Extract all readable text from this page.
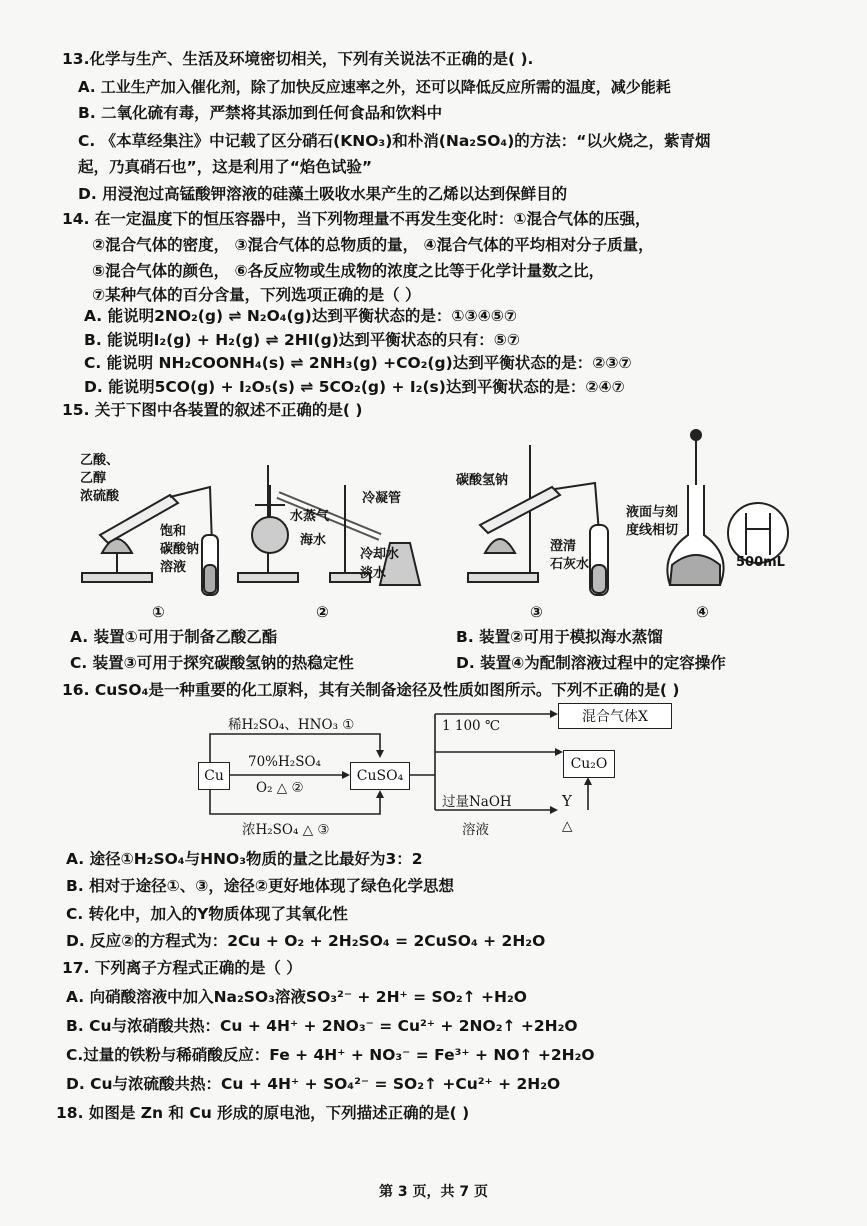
13.化学与生产、生活及环境密切相关，下列有关说法不正确的是( ).
A. 工业生产加入催化剂，除了加快反应速率之外，还可以降低反应所需的温度，减少能耗
B. 二氧化硫有毒，严禁将其添加到任何食品和饮料中
C. 《本草经集注》中记载了区分硝石(KNO₃)和朴消(Na₂SO₄)的方法：“以火烧之，紫青烟
起，乃真硝石也”，这是利用了“焰色试验”
D. 用浸泡过高锰酸钾溶液的硅藻土吸收水果产生的乙烯以达到保鲜目的
14. 在一定温度下的恒压容器中，当下列物理量不再发生变化时：①混合气体的压强，
②混合气体的密度， ③混合气体的总物质的量， ④混合气体的平均相对分子质量，
⑤混合气体的颜色， ⑥各反应物或生成物的浓度之比等于化学计量数之比，
⑦某种气体的百分含量，下列选项正确的是（ ）
A. 能说明2NO₂(g) ⇌ N₂O₄(g)达到平衡状态的是：①③④⑤⑦
B. 能说明I₂(g) + H₂(g) ⇌ 2HI(g)达到平衡状态的只有：⑤⑦
C. 能说明 NH₂COONH₄(s) ⇌ 2NH₃(g) +CO₂(g)达到平衡状态的是：②③⑦
D. 能说明5CO(g) + I₂O₅(s) ⇌ 5CO₂(g) + I₂(s)达到平衡状态的是：②④⑦
15. 关于下图中各装置的叙述不正确的是( )
乙酸、
乙醇
浓硫酸
饱和
碳酸钠
溶液
冷凝管
水蒸气
海水
冷却水
淡水
碳酸氢钠
澄清
石灰水
液面与刻
度线相切
500mL
①	②	③	④
A. 装置①可用于制备乙酸乙酯	B. 装置②可用于模拟海水蒸馏
C. 装置③可用于探究碳酸氢钠的热稳定性	D. 装置④为配制溶液过程中的定容操作
16. CuSO₄是一种重要的化工原料，其有关制备途径及性质如图所示。下列不正确的是( )
Cu	CuSO₄
混合气体X
Cu₂O
稀H₂SO₄、HNO₃ ①
70%H₂SO₄
O₂ △ ②
浓H₂SO₄ △ ③
1 100 ℃
过量NaOH
溶液
Y
△
A. 途径①H₂SO₄与HNO₃物质的量之比最好为3：2
B. 相对于途径①、③，途径②更好地体现了绿色化学思想
C. 转化中，加入的Y物质体现了其氧化性
D. 反应②的方程式为：2Cu + O₂ + 2H₂SO₄ = 2CuSO₄ + 2H₂O
17. 下列离子方程式正确的是（ ）
A. 向硝酸溶液中加入Na₂SO₃溶液SO₃²⁻ + 2H⁺ = SO₂↑ +H₂O
B. Cu与浓硝酸共热：Cu + 4H⁺ + 2NO₃⁻ = Cu²⁺ + 2NO₂↑ +2H₂O
C.过量的铁粉与稀硝酸反应：Fe + 4H⁺ + NO₃⁻ = Fe³⁺ + NO↑ +2H₂O
D. Cu与浓硫酸共热：Cu + 4H⁺ + SO₄²⁻ = SO₂↑ +Cu²⁺ + 2H₂O
18. 如图是 Zn 和 Cu 形成的原电池，下列描述正确的是( )
第 3 页，共 7 页
